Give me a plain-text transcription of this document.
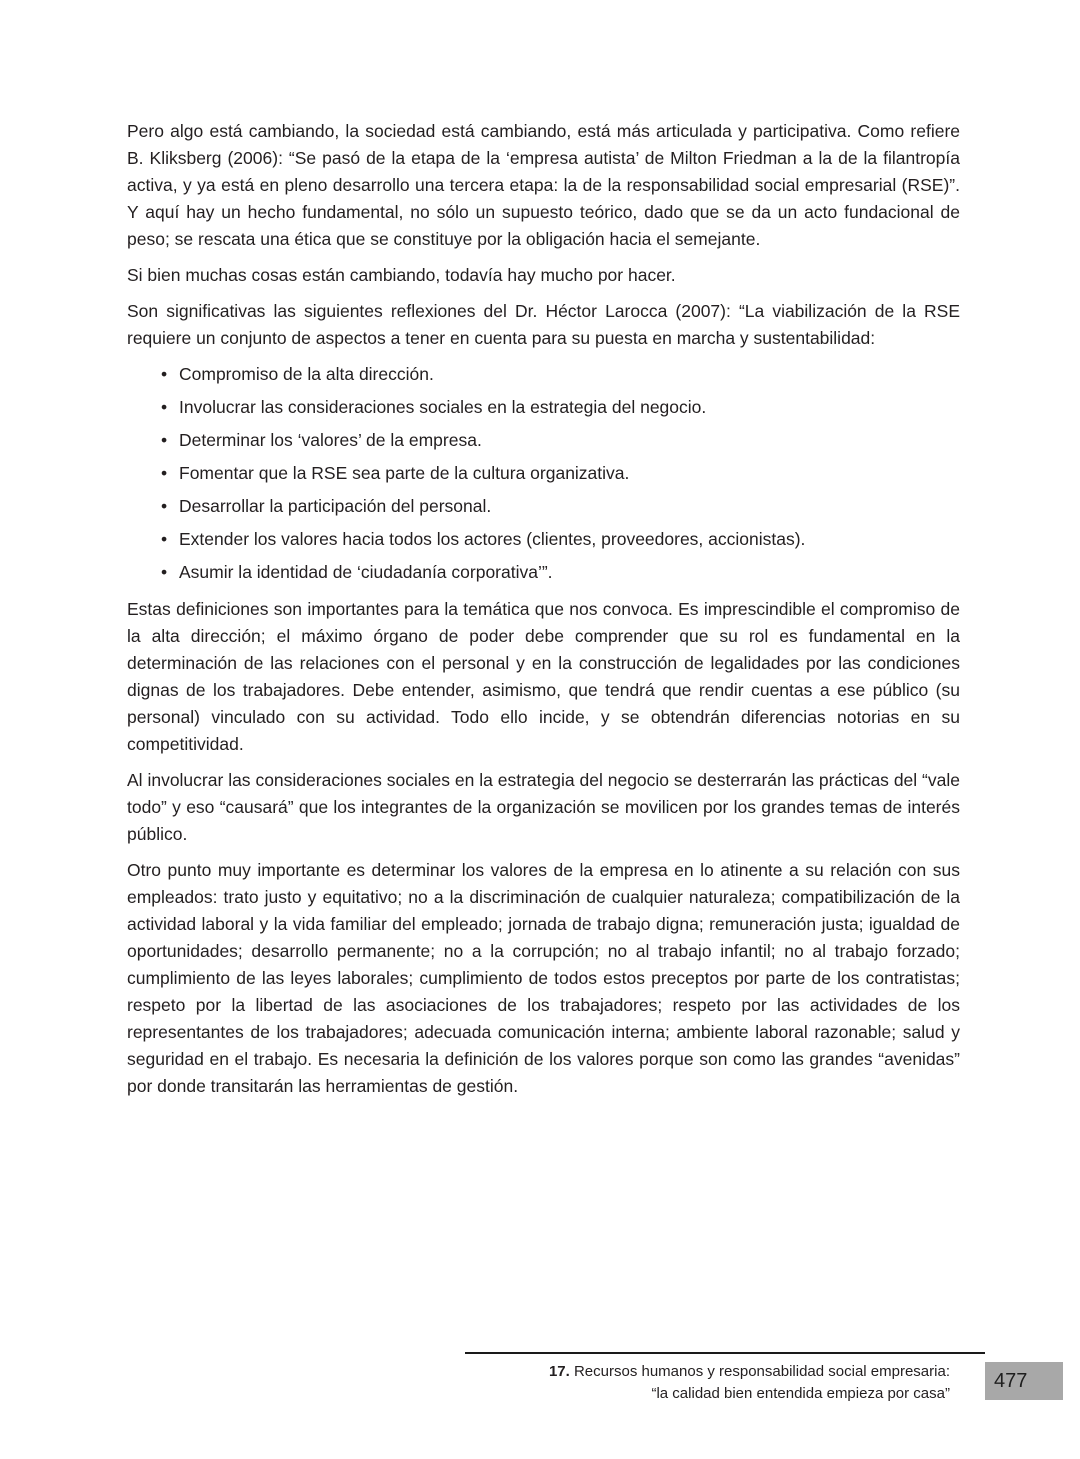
Pero algo está cambiando, la sociedad está cambiando, está más articulada y participativa. Como refiere B. Kliksberg (2006): “Se pasó de la etapa de la ‘empresa autista’ de Milton Friedman a la de la filantropía activa, y ya está en pleno desarrollo una tercera etapa: la de la responsabilidad social empresarial (RSE)”. Y aquí hay un hecho fundamental, no sólo un supuesto teórico, dado que se da un acto fundacional de peso; se rescata una ética que se constituye por la obligación hacia el semejante.

Si bien muchas cosas están cambiando, todavía hay mucho por hacer.

Son significativas las siguientes reflexiones del Dr. Héctor Larocca (2007): “La viabilización de la RSE requiere un conjunto de aspectos a tener en cuenta para su puesta en marcha y sustentabilidad:

• Compromiso de la alta dirección.
• Involucrar las consideraciones sociales en la estrategia del negocio.
• Determinar los ‘valores’ de la empresa.
• Fomentar que la RSE sea parte de la cultura organizativa.
• Desarrollar la participación del personal.
• Extender los valores hacia todos los actores (clientes, proveedores, accionistas).
• Asumir la identidad de ‘ciudadanía corporativa’”.

Estas definiciones son importantes para la temática que nos convoca. Es imprescindible el compromiso de la alta dirección; el máximo órgano de poder debe comprender que su rol es fundamental en la determinación de las relaciones con el personal y en la construcción de legalidades por las condiciones dignas de los trabajadores. Debe entender, asimismo, que tendrá que rendir cuentas a ese público (su personal) vinculado con su actividad. Todo ello incide, y se obtendrán diferencias notorias en su competitividad.

Al involucrar las consideraciones sociales en la estrategia del negocio se desterrarán las prácticas del “vale todo” y eso “causará” que los integrantes de la organización se movilicen por los grandes temas de interés público.

Otro punto muy importante es determinar los valores de la empresa en lo atinente a su relación con sus empleados: trato justo y equitativo; no a la discriminación de cualquier naturaleza; compatibilización de la actividad laboral y la vida familiar del empleado; jornada de trabajo digna; remuneración justa; igualdad de oportunidades; desarrollo permanente; no a la corrupción; no al trabajo infantil; no al trabajo forzado; cumplimiento de las leyes laborales; cumplimiento de todos estos preceptos por parte de los contratistas; respeto por la libertad de las asociaciones de los trabajadores; respeto por las actividades de los representantes de los trabajadores; adecuada comunicación interna; ambiente laboral razonable; salud y seguridad en el trabajo. Es necesaria la definición de los valores porque son como las grandes “avenidas” por donde transitarán las herramientas de gestión.

17. Recursos humanos y responsabilidad social empresaria:
“la calidad bien entendida empieza por casa”
477
